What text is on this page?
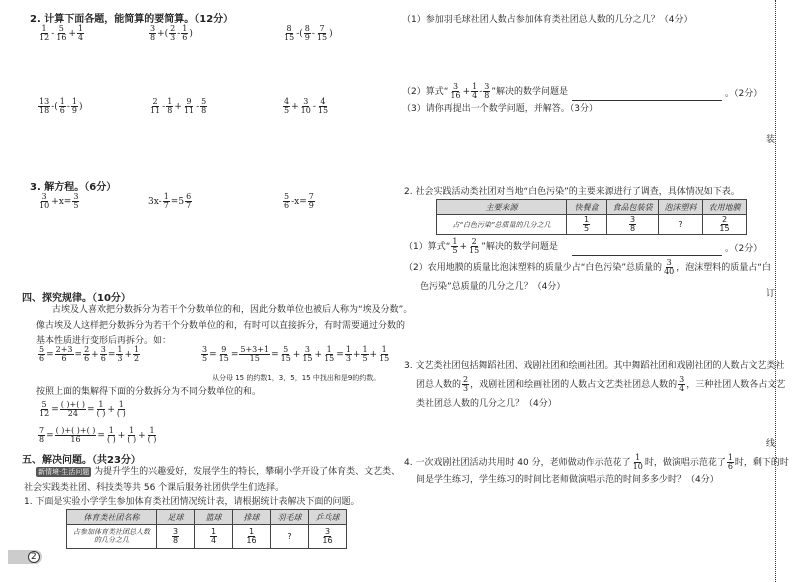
2. 计算下面各题，能简算的要简算。（12分）
$\frac{1}{12} - \frac{5}{16} + \frac{1}{4}$	$\frac{3}{8}$ +( $\frac{2}{3} - \frac{1}{6}$ )	$\frac{8}{15}$ -( $\frac{8}{9} - \frac{7}{15}$ )
$\frac{13}{18}$ -( $\frac{1}{6} - \frac{1}{9}$ )	$\frac{2}{11} - \frac{1}{8} + \frac{9}{11} - \frac{5}{8}$	$\frac{4}{5} + \frac{3}{10} - \frac{4}{15}$
3. 解方程。（6分）
$\frac{3}{10} +x= \frac{3}{5}$	$3x- \frac{1}{7} =5 \frac{6}{7}$	$\frac{5}{6} -x= \frac{7}{9}$
四、探究规律。（10分）
古埃及人喜欢把分数拆分为若干个分数单位的和，因此分数单位也被后人称为“埃及分数”。
像古埃及人这样把分数拆分为若干个分数单位的和，有时可以直接拆分，有时需要通过分数的
基本性质进行变形后再拆分。如：
$\frac{5}{6} = \frac{2+3}{6} = \frac{2}{6} + \frac{3}{6} = \frac{1}{3} + \frac{1}{2}$	$\frac{3}{5} = \frac{9}{15} = \frac{5+3+1}{15} = \frac{5}{15} + \frac{3}{15} + \frac{1}{15} = \frac{1}{3} + \frac{1}{5} + \frac{1}{15}$
从分母 15 的约数1，3，5，15 中找出和是9的约数。
按照上面的集解得下面的分数拆分为不同分数单位的和。
$\frac{5}{12} = \frac{( )+( )}{24} = \frac{1}{( )} + \frac{1}{( )}$
$\frac{7}{8} = \frac{( )+( )+( )}{16} = \frac{1}{( )} + \frac{1}{( )} + \frac{1}{( )}$
五、解决问题。（共23分）
新情境·生活问题 为提升学生的兴趣爱好，发展学生的特长，攀硐小学开设了体育类、文艺类、
社会实践类社团、科技类等共 56 个课后服务社团供学生们选择。
1. 下面是实验小学学生参加体育类社团情况统计表，请根据统计表解决下面的问题。
体育类社团名称	足球	篮球	排球	羽毛球	乒乓球
占参加体育类社团总人数的几分之几	$\frac{3}{8}$	$\frac{1}{4}$	$\frac{1}{16}$	?	$\frac{3}{16}$
2
（1）参加羽毛球社团人数占参加体育类社团总人数的几分之几？（4分）
（2）算式“ $\frac{3}{16} + \frac{1}{4} - \frac{3}{8}$ ”解决的数学问题是	。（2分）
（3）请你再提出一个数学问题，并解答。（3分）
2. 社会实践活动类社团对当地“白色污染”的主要来源进行了调查，具体情况如下表。
主要来源	快餐盒	食品包装袋	泡沫塑料	农用地膜
占“白色污染”总质量的几分之几	$\frac{1}{5}$	$\frac{3}{8}$	?	$\frac{2}{15}$
（1）算式“ $\frac{1}{5} + \frac{2}{15}$ ”解决的数学问题是	。（2分）
（2）农用地膜的质量比泡沫塑料的质量少占“白色污染”总质量的 $\frac{3}{40}$ ，泡沫塑料的质量占“白
色污染”总质量的几分之几？（4分）
3. 文艺类社团包括舞蹈社团、戏剧社团和绘画社团。其中舞蹈社团和戏剧社团的人数占文艺类社
团总人数的 $\frac{2}{3}$ ，戏剧社团和绘画社团的人数占文艺类社团总人数的 $\frac{3}{4}$ ，三种社团人数各占文艺
类社团总人数的几分之几？（4分）
4. 一次戏剧社团活动共用时 40 分，老师做动作示范花了 $\frac{1}{10}$ 时，做演唱示范花了 $\frac{1}{6}$ 时，剩下的时
间是学生练习，学生练习的时间比老师做演唱示范的时间多多少时？（4分）
装
订
线
